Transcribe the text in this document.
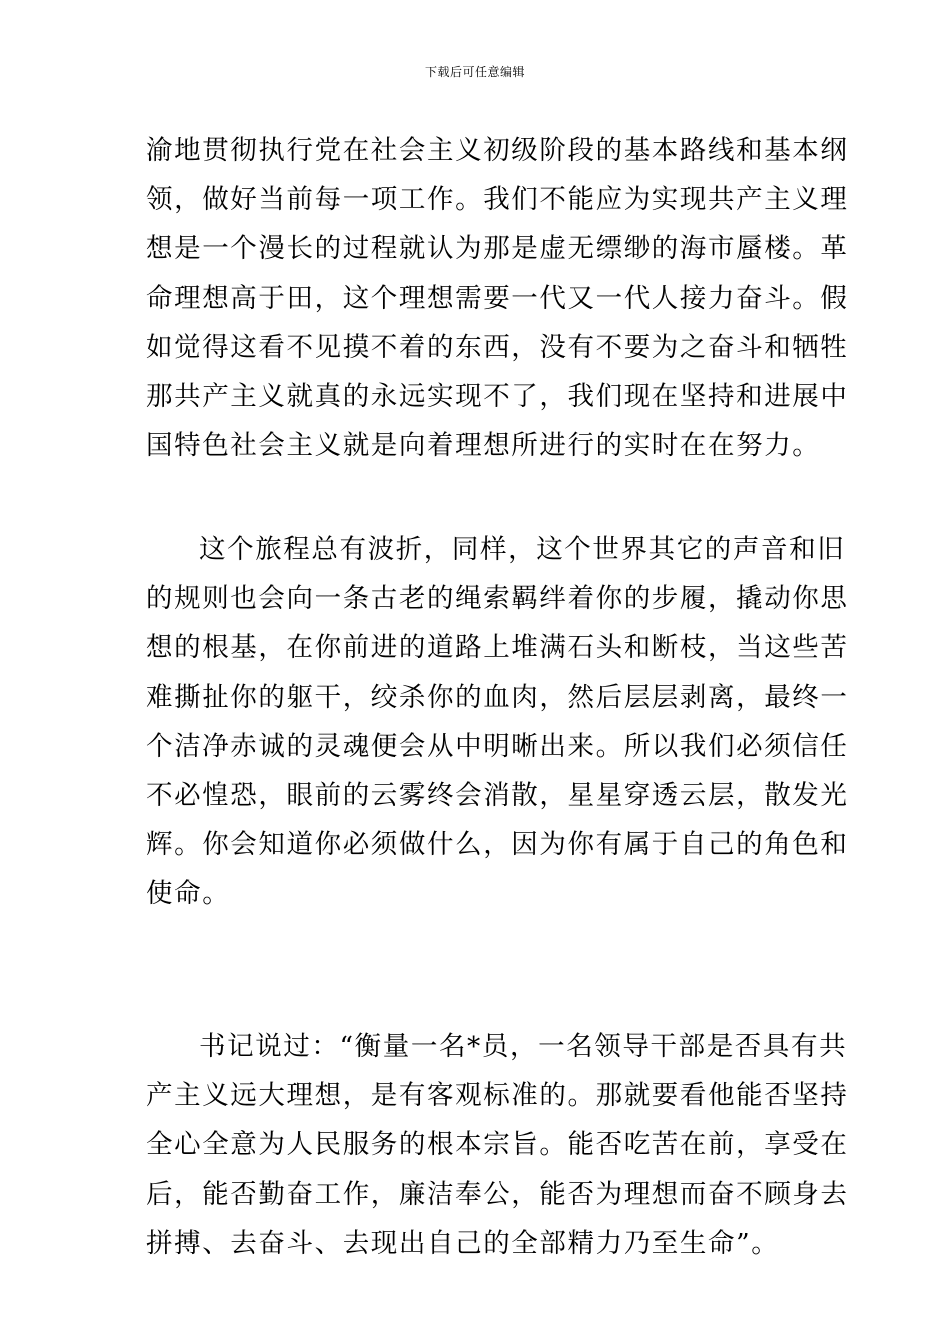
下载后可任意编辑

渝地贯彻执行党在社会主义初级阶段的基本路线和基本纲
领，做好当前每一项工作。我们不能应为实现共产主义理
想是一个漫长的过程就认为那是虚无缥缈的海市蜃楼。革
命理想高于田，这个理想需要一代又一代人接力奋斗。假
如觉得这看不见摸不着的东西，没有不要为之奋斗和牺牲
那共产主义就真的永远实现不了，我们现在坚持和进展中
国特色社会主义就是向着理想所进行的实时在在努力。

这个旅程总有波折，同样，这个世界其它的声音和旧
的规则也会向一条古老的绳索羁绊着你的步履，撬动你思
想的根基，在你前进的道路上堆满石头和断枝，当这些苦
难撕扯你的躯干，绞杀你的血肉，然后层层剥离，最终一
个洁净赤诚的灵魂便会从中明晰出来。所以我们必须信任
不必惶恐，眼前的云雾终会消散，星星穿透云层，散发光
辉。你会知道你必须做什么，因为你有属于自己的角色和
使命。

书记说过：“衡量一名*员，一名领导干部是否具有共
产主义远大理想，是有客观标准的。那就要看他能否坚持
全心全意为人民服务的根本宗旨。能否吃苦在前，享受在
后，能否勤奋工作，廉洁奉公，能否为理想而奋不顾身去
拼搏、去奋斗、去现出自己的全部精力乃至生命”。
